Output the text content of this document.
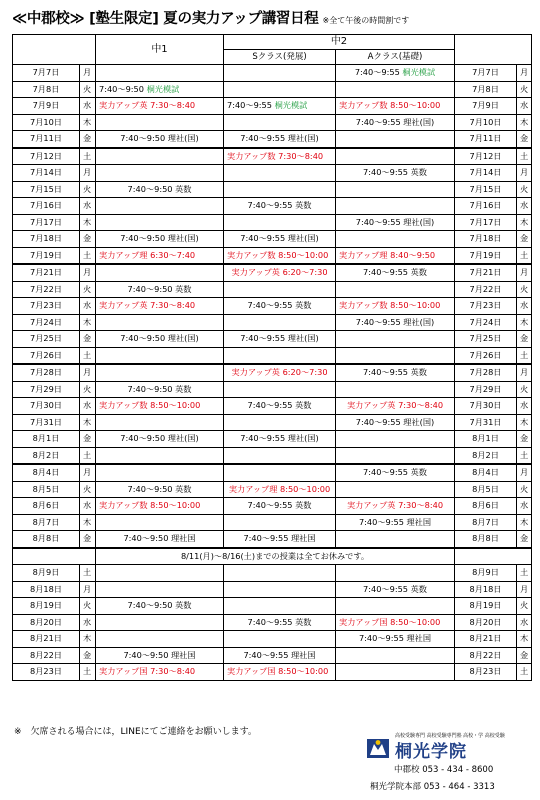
≪中郡校≫ [塾生限定] 夏の実力アップ講習日程 ※全て午後の時間割です
		中1	中2			
			Sクラス(発展)	Aクラス(基礎)		
7月7日	月			7:40～9:55 桐光模試	7月7日	月
7月8日	火	7:40～9:50 桐光模試			7月8日	火
7月9日	水	実力アップ英 7:30～8:40	7:40～9:55 桐光模試	実力アップ数 8:50～10:00	7月9日	水
7月10日	木			7:40～9:55 理社(国)	7月10日	木
7月11日	金	7:40～9:50 理社(国)	7:40～9:55 理社(国)		7月11日	金
7月12日	土		実力アップ数 7:30～8:40		7月12日	土
7月14日	月			7:40～9:55 英数	7月14日	月
7月15日	火	7:40～9:50 英数			7月15日	火
7月16日	水		7:40～9:55 英数		7月16日	水
7月17日	木			7:40～9:55 理社(国)	7月17日	木
7月18日	金	7:40～9:50 理社(国)	7:40～9:55 理社(国)		7月18日	金
7月19日	土	実力アップ理 6:30～7:40	実力アップ数 8:50～10:00	実力アップ理 8:40～9:50	7月19日	土
7月21日	月		実力アップ英 6:20～7:30	7:40～9:55 英数	7月21日	月
7月22日	火	7:40～9:50 英数			7月22日	火
7月23日	水	実力アップ英 7:30～8:40	7:40～9:55 英数	実力アップ数 8:50～10:00	7月23日	水
7月24日	木			7:40～9:55 理社(国)	7月24日	木
7月25日	金	7:40～9:50 理社(国)	7:40～9:55 理社(国)		7月25日	金
7月26日	土				7月26日	土
7月28日	月		実力アップ英 6:20～7:30	7:40～9:55 英数	7月28日	月
7月29日	火	7:40～9:50 英数			7月29日	火
7月30日	水	実力アップ数 8:50～10:00	7:40～9:55 英数	実力アップ英 7:30～8:40	7月30日	水
7月31日	木			7:40～9:55 理社(国)	7月31日	木
8月1日	金	7:40～9:50 理社(国)	7:40～9:55 理社(国)		8月1日	金
8月2日	土				8月2日	土
8月4日	月			7:40～9:55 英数	8月4日	月
8月5日	火	7:40～9:50 英数	実力アップ理 8:50～10:00		8月5日	火
8月6日	水	実力アップ数 8:50～10:00	7:40～9:55 英数	実力アップ英 7:30～8:40	8月6日	水
8月7日	木			7:40～9:55 理社国	8月7日	木
8月8日	金	7:40～9:50 理社国	7:40～9:55 理社国		8月8日	金
		8/11(月)～8/16(土)までの授業は全てお休みです。				
8月9日	土				8月9日	土
8月18日	月			7:40～9:55 英数	8月18日	月
8月19日	火	7:40～9:50 英数			8月19日	火
8月20日	水		7:40～9:55 英数	実力アップ国 8:50～10:00	8月20日	水
8月21日	木			7:40～9:55 理社国	8月21日	木
8月22日	金	7:40～9:50 理社国	7:40～9:55 理社国		8月22日	金
8月23日	土	実力アップ国 7:30～8:40	実力アップ国 8:50～10:00		8月23日	土
※　欠席される場合には，LINEにてご連絡をお願いします。	高校受験専門 高校受験専門塾 高校・学 高校受験
桐光学院
中郡校 053 - 434 - 8600
桐光学院本部 053 - 464 - 3313
